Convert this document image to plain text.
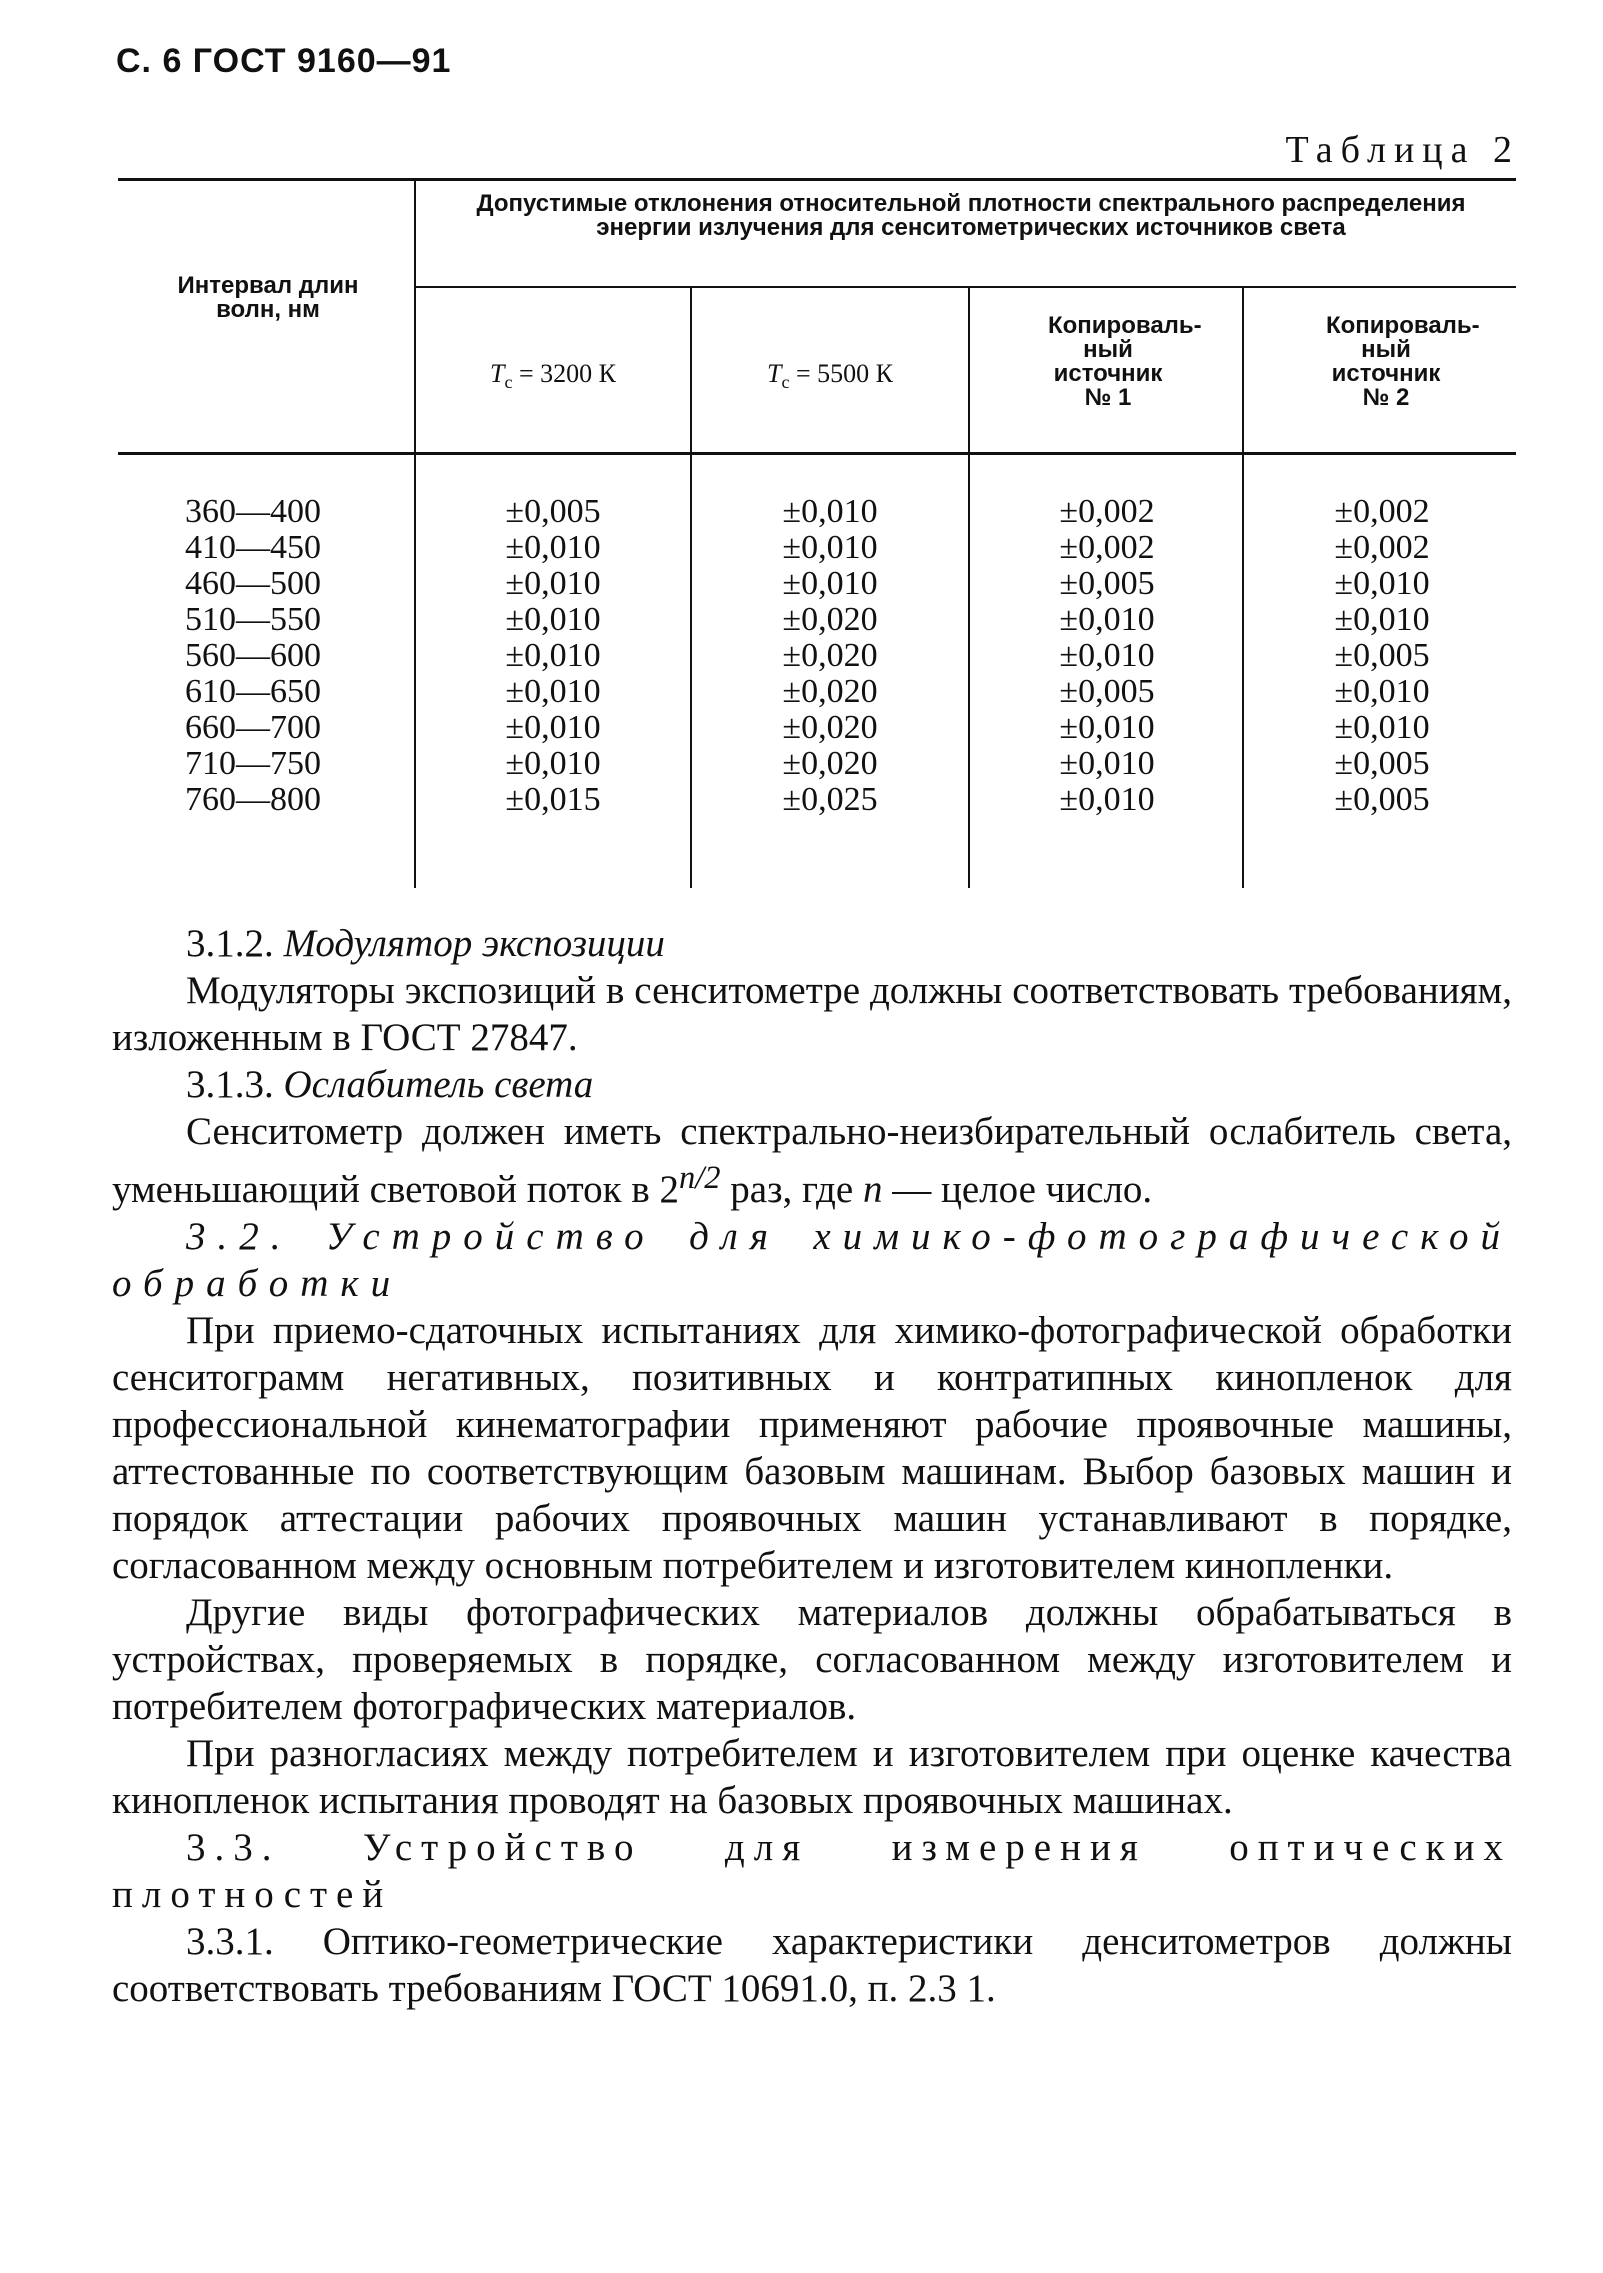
С. 6 ГОСТ 9160—91
Таблица 2
Интервал длин волн, нм
Допустимые отклонения относительной плотности спектрального распределения энергии излучения для сенситометрических источников света
$T_c = 3200$ К	$T_c = 5500$ К
Копироваль-ный источник № 1
Копироваль-ный источник № 2
360—400
410—450
460—500
510—550
560—600
610—650
660—700
710—750
760—800
±0,005
±0,010
±0,010
±0,010
±0,010
±0,010
±0,010
±0,010
±0,015
±0,010
±0,010
±0,010
±0,020
±0,020
±0,020
±0,020
±0,020
±0,025
±0,002
±0,002
±0,005
±0,010
±0,010
±0,005
±0,010
±0,010
±0,010
±0,002
±0,002
±0,010
±0,010
±0,005
±0,010
±0,010
±0,005
±0,005

3.1.2. Модулятор экспозиции

Модуляторы экспозиций в сенситометре должны соответствовать требованиям, изложенным в ГОСТ 27847.

3.1.3. Ослабитель света

Сенситометр должен иметь спектрально-неизбирательный ослабитель света, уменьшающий световой поток в $2^{n/2}$ раз, где n — целое число.

3.2. Устройство для химико-фотографической обработки

При приемо-сдаточных испытаниях для химико-фотографической обработки сенситограмм негативных, позитивных и контратипных кинопленок для профессиональной кинематографии применяют рабочие проявочные машины, аттестованные по соответствующим базовым машинам. Выбор базовых машин и порядок аттестации рабочих проявочных машин устанавливают в порядке, согласованном между основным потребителем и изготовителем кинопленки.

Другие виды фотографических материалов должны обрабатываться в устройствах, проверяемых в порядке, согласованном между изготовителем и потребителем фотографических материалов.

При разногласиях между потребителем и изготовителем при оценке качества кинопленок испытания проводят на базовых проявочных машинах.

3.3. Устройство для измерения оптических плотностей

3.3.1. Оптико-геометрические характеристики денситометров должны соответствовать требованиям ГОСТ 10691.0, п. 2.3 1.
